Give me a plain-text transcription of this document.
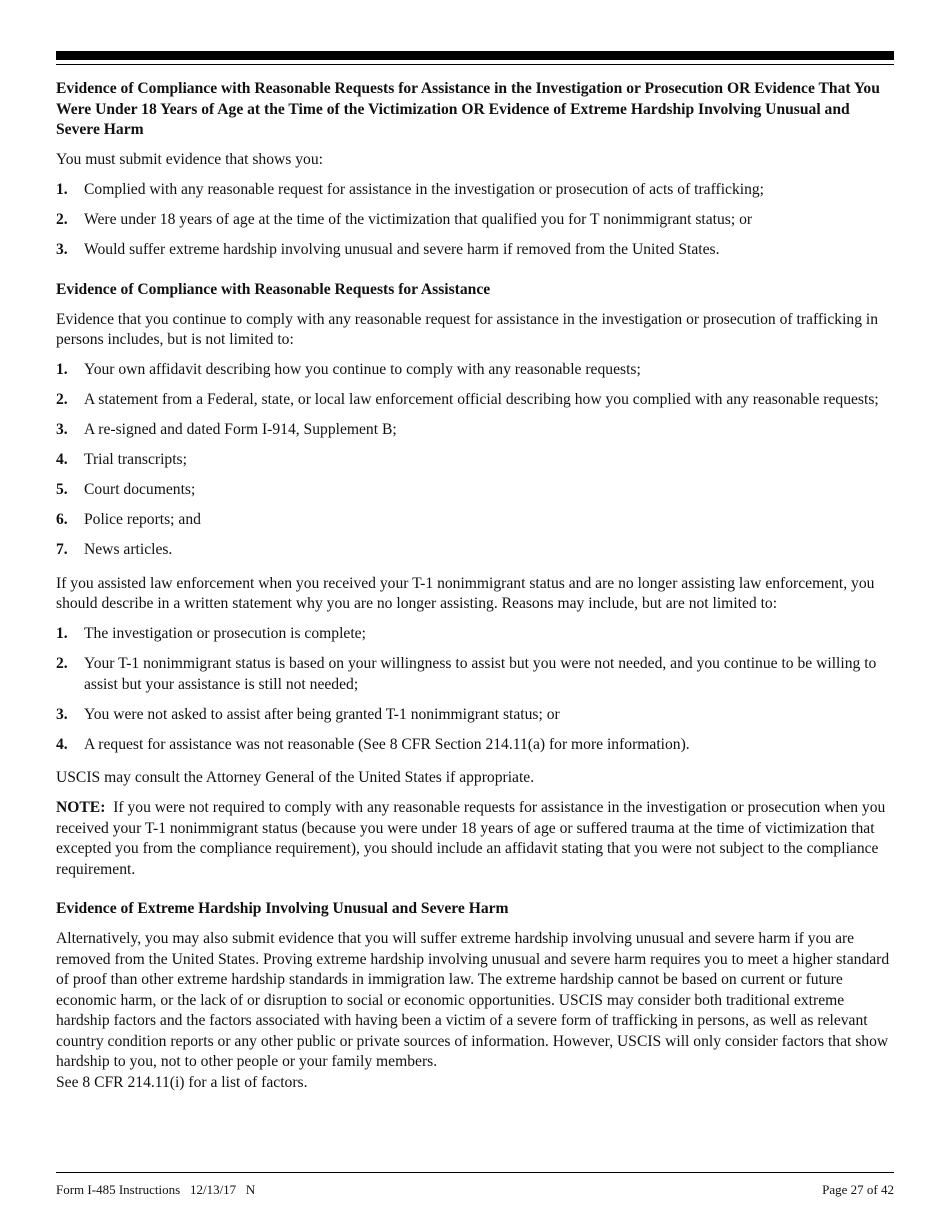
Evidence of Compliance with Reasonable Requests for Assistance in the Investigation or Prosecution OR Evidence That You Were Under 18 Years of Age at the Time of the Victimization OR Evidence of Extreme Hardship Involving Unusual and Severe Harm

You must submit evidence that shows you:

1.	Complied with any reasonable request for assistance in the investigation or prosecution of acts of trafficking;
2.	Were under 18 years of age at the time of the victimization that qualified you for T nonimmigrant status; or
3.	Would suffer extreme hardship involving unusual and severe harm if removed from the United States.

Evidence of Compliance with Reasonable Requests for Assistance

Evidence that you continue to comply with any reasonable request for assistance in the investigation or prosecution of trafficking in persons includes, but is not limited to:

1.	Your own affidavit describing how you continue to comply with any reasonable requests;
2.	A statement from a Federal, state, or local law enforcement official describing how you complied with any reasonable requests;
3.	A re-signed and dated Form I-914, Supplement B;
4.	Trial transcripts;
5.	Court documents;
6.	Police reports; and
7.	News articles.

If you assisted law enforcement when you received your T-1 nonimmigrant status and are no longer assisting law enforcement, you should describe in a written statement why you are no longer assisting. Reasons may include, but are not limited to:

1.	The investigation or prosecution is complete;
2.	Your T-1 nonimmigrant status is based on your willingness to assist but you were not needed, and you continue to be willing to assist but your assistance is still not needed;
3.	You were not asked to assist after being granted T-1 nonimmigrant status; or
4.	A request for assistance was not reasonable (See 8 CFR Section 214.11(a) for more information).

USCIS may consult the Attorney General of the United States if appropriate.

NOTE:  If you were not required to comply with any reasonable requests for assistance in the investigation or prosecution when you received your T-1 nonimmigrant status (because you were under 18 years of age or suffered trauma at the time of victimization that excepted you from the compliance requirement), you should include an affidavit stating that you were not subject to the compliance requirement.

Evidence of Extreme Hardship Involving Unusual and Severe Harm

Alternatively, you may also submit evidence that you will suffer extreme hardship involving unusual and severe harm if you are removed from the United States. Proving extreme hardship involving unusual and severe harm requires you to meet a higher standard of proof than other extreme hardship standards in immigration law. The extreme hardship cannot be based on current or future economic harm, or the lack of or disruption to social or economic opportunities. USCIS may consider both traditional extreme hardship factors and the factors associated with having been a victim of a severe form of trafficking in persons, as well as relevant country condition reports or any other public or private sources of information. However, USCIS will only consider factors that show hardship to you, not to other people or your family members.

See 8 CFR 214.11(i) for a list of factors.

Form I-485 Instructions   12/13/17   N	Page 27 of 42
